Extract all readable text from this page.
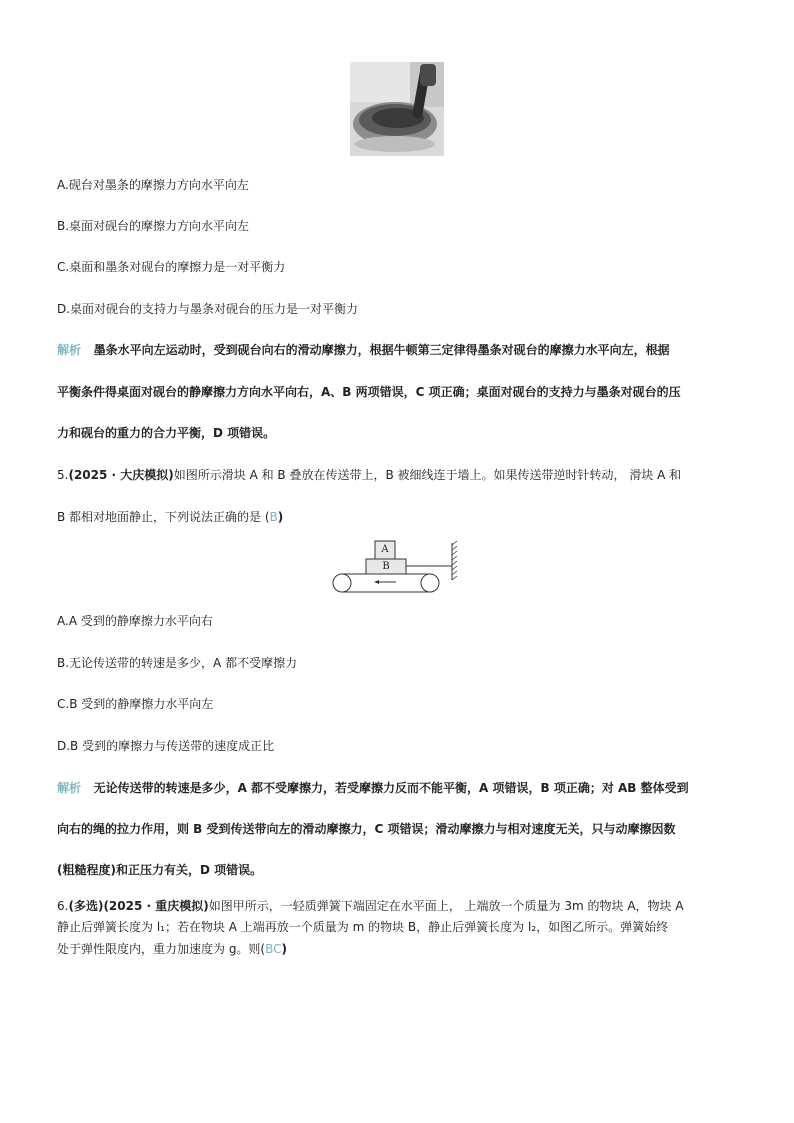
A.砚台对墨条的摩擦力方向水平向左
B.桌面对砚台的摩擦力方向水平向左
C.桌面和墨条对砚台的摩擦力是一对平衡力
D.桌面对砚台的支持力与墨条对砚台的压力是一对平衡力
解析 墨条水平向左运动时，受到砚台向右的滑动摩擦力，根据牛顿第三定律得墨条对砚台的摩擦力水平向左，根据
平衡条件得桌面对砚台的静摩擦力方向水平向右，A、B 两项错误，C 项正确；桌面对砚台的支持力与墨条对砚台的压
力和砚台的重力的合力平衡，D 项错误。
5.(2025 · 大庆模拟)如图所示滑块 A 和 B 叠放在传送带上，B 被细线连于墙上。如果传送带逆时针转动， 滑块 A 和
B 都相对地面静止，下列说法正确的是 (B)
A
B
A.A 受到的静摩擦力水平向右
B.无论传送带的转速是多少，A 都不受摩擦力
C.B 受到的静摩擦力水平向左
D.B 受到的摩擦力与传送带的速度成正比
解析 无论传送带的转速是多少，A 都不受摩擦力，若受摩擦力反而不能平衡，A 项错误，B 项正确；对 AB 整体受到
向右的绳的拉力作用，则 B 受到传送带向左的滑动摩擦力，C 项错误；滑动摩擦力与相对速度无关，只与动摩擦因数
(粗糙程度)和正压力有关，D 项错误。
6.(多选)(2025 · 重庆模拟)如图甲所示，一轻质弹簧下端固定在水平面上， 上端放一个质量为 3m 的物块 A，物块 A
静止后弹簧长度为 l₁；若在物块 A 上端再放一个质量为 m 的物块 B，静止后弹簧长度为 l₂，如图乙所示。弹簧始终
处于弹性限度内，重力加速度为 g。则(BC)
